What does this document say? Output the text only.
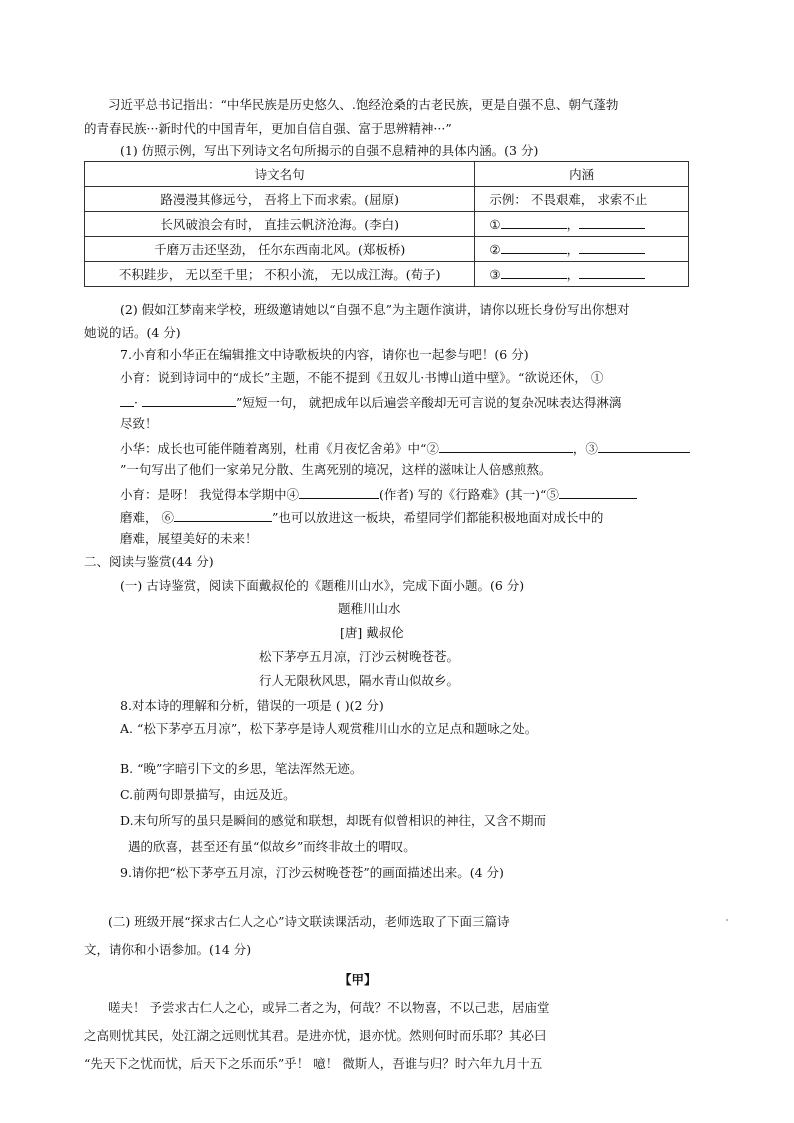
习近平总书记指出：“中华民族是历史悠久、.饱经沧桑的古老民族，更是自强不息、朝气蓬勃
的青春民族···新时代的中国青年，更加自信自强、富于思辨精神···”
(1) 仿照示例，写出下列诗文名句所揭示的自强不息精神的具体内涵。(3 分)
诗文名句	内涵
路漫漫其修远兮， 吾将上下而求索。(屈原)	示例： 不畏艰难， 求索不止
长风破浪会有时， 直挂云帆济沧海。(李白)	① ，
千磨万击还坚劲， 任尔东西南北风。(郑板桥)	② ，
不积跬步， 无以至千里； 不积小流， 无以成江海。(荀子)	③ ，
(2) 假如江梦南来学校，班级邀请她以“自强不息”为主题作演讲，请你以班长身份写出你想对
她说的话。(4 分)
7.小育和小华正在编辑推文中诗歌板块的内容，请你也一起参与吧！(6 分)
小育：说到诗词中的“成长”主题，不能不提到《丑奴儿·书博山道中壁》。“欲说还休， ①
·	”短短一句， 就把成年以后遍尝辛酸却无可言说的复杂况味表达得淋漓
尽致！
小华：成长也可能伴随着离别，杜甫《月夜忆舍弟》中“②	，③
”一句写出了他们一家弟兄分散、生离死别的境况，这样的滋味让人倍感煎熬。
小育：是呀！ 我觉得本学期中④	(作者) 写的《行路难》(其一)“⑤
磨难， ⑥	”也可以放进这一板块，希望同学们都能积极地面对成长中的
磨难，展望美好的未来！
二、阅读与鉴赏(44 分)
(一) 古诗鉴赏，阅读下面戴叔伦的《题稚川山水》，完成下面小题。(6 分)
题稚川山水
[唐] 戴叔伦
松下茅亭五月凉，汀沙云树晚苍苍。
行人无限秋风思，隔水青山似故乡。
8.对本诗的理解和分析，错误的一项是 ( )(2 分)
A. “松下茅亭五月凉”，松下茅亭是诗人观赏稚川山水的立足点和题咏之处。
B. “晚”字暗引下文的乡思，笔法浑然无迹。
C.前两句即景描写，由远及近。
D.末句所写的虽只是瞬间的感觉和联想，却既有似曾相识的神往，又含不期而
遇的欣喜，甚至还有虽“似故乡”而终非故土的喟叹。
9.请你把“松下茅亭五月凉，汀沙云树晚苍苍”的画面描述出来。(4 分)
(二) 班级开展“探求古仁人之心”诗文联读课活动，老师选取了下面三篇诗
文，请你和小语参加。(14 分)
【甲】
嗟夫！ 予尝求古仁人之心，或异二者之为，何哉？不以物喜，不以己悲，居庙堂
之高则忧其民，处江湖之远则忧其君。是进亦忧，退亦忧。然则何时而乐耶？其必曰
“先天下之忧而忧，后天下之乐而乐”乎！ 噫！ 微斯人，吾谁与归？时六年九月十五
